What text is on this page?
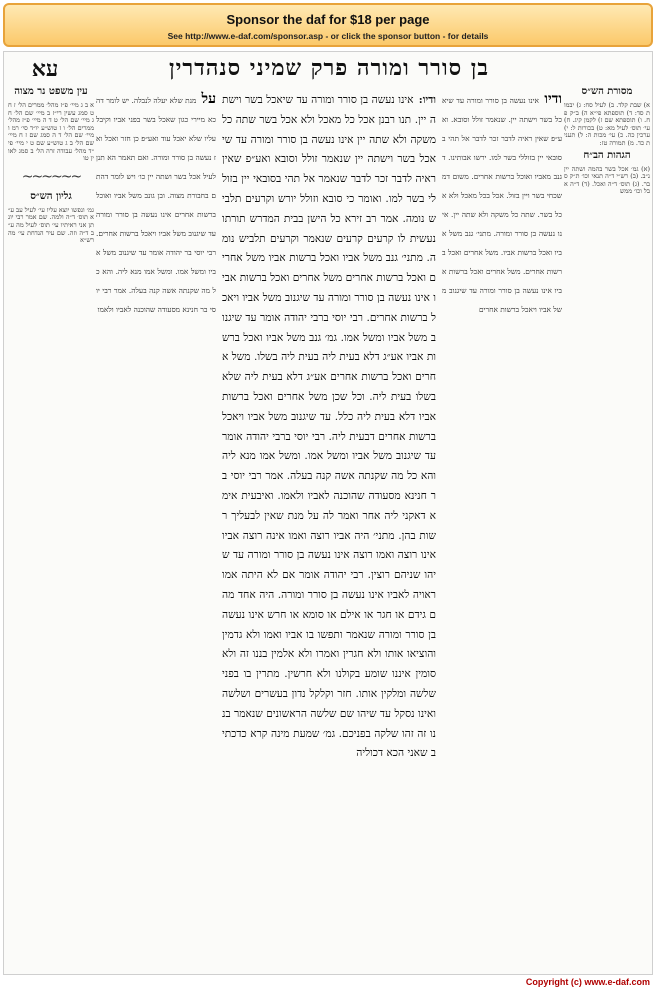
Sponsor the daf for $18 per page
See http://www.e-daf.com/sponsor.asp - or click the sponsor button - for details
עא	בן סורר ומורה פרק שמיני סנהדרין
עין משפט נר מצוה
א ב ג מיי׳ פ״ז מהל׳ ממרים הל׳ ז ח ט סמג עשין רי״ז ב מיי׳ שם הל׳ ח ג מיי׳ שם הל׳ ט ד ה מיי׳ פ״ז מהל׳ ממרים הל׳ ו ז טוש״ע יו״ד סי׳ רמ ו מיי׳ שם הל׳ ד ה סמג שם ז ח מיי׳ שם הל׳ ב ג טוש״ע שם ט י מיי׳ פי״ד מהל׳ עבודה זרה הל׳ ב סמג לאוין טו
~~~~~~
גליון הש״ס
גמ׳ ונפשו יוצא עליו עי׳ לעיל עב ע״א תוס׳ ד״ה ולמה. שם אמר רבי יונתן אני ראיתיו עי׳ תוס׳ לעיל מה ע״ב ד״ה וזה. שם עיר הנדחת עי׳ מהרש״א
על מנת שלא יעלה לנבלה. יש לומר דהכא מיירי כגון שאכל בשר בפני אביו וקיבל עליו שלא יאכל עוד ואע״פ כן חזר ואכל ואז נעשה בן סורר ומורה. ואם תאמר הא תנן לעיל אכל בשר ושתה יין כו׳ ויש לומר דהתם בחבורת מצוה. ובן גונב משל אביו ואוכל ברשות אחרים אינו נעשה בן סורר ומורה עד שיגנוב משל אביו ויאכל ברשות אחרים. רבי יוסי בר יהודה אומר עד שיגנוב משל אביו ומשל אמו. ומשל אמו מנא ליה. והא כל מה שקנתה אשה קנה בעלה. אמר רבי יוסי בר חנינא מסעודה שהוכנה לאביו ולאמו
ודיו: אינו נעשה בן סורר ומורה עד שיאכל בשר וישתה יין. תנו רבנן אכל כל מאכל ולא אכל בשר שתה כל משקה ולא שתה יין אינו נעשה בן סורר ומורה עד שיאכל בשר וישתה יין שנאמר זולל וסובא ואע״פ שאין ראיה לדבר זכר לדבר שנאמר אל תהי בסובאי יין בזוללי בשר למו. ואומר כי סובא וזולל יורש וקרעים תלביש נומה. אמר רב זירא כל הישן בבית המדרש תורתו נעשית לו קרעים קרעים שנאמר וקרעים תלביש נומה. מתני׳ גנב משל אביו ואכל ברשות אביו משל אחרים ואכל ברשות אחרים משל אחרים ואכל ברשות אביו אינו נעשה בן סורר ומורה עד שיגנוב משל אביו ויאכל ברשות אחרים. רבי יוסי ברבי יהודה אומר עד שיגנוב משל אביו ומשל אמו. גמ׳ גנב משל אביו ואכל ברשות אביו אע״ג דלא בעית ליה בעית ליה בשלו. משל אחרים ואכל ברשות אחרים אע״ג דלא בעית ליה שלא בשלו בעית ליה. וכל שכן משל אחרים ואכל ברשות אביו דלא בעית ליה כלל. עד שיגנוב משל אביו ויאכל ברשות אחרים דבעית ליה. רבי יוסי ברבי יהודה אומר עד שיגנוב משל אביו ומשל אמו. ומשל אמו מנא ליה והא כל מה שקנתה אשה קנה בעלה. אמר רבי יוסי בר חנינא מסעודה שהוכנה לאביו ולאמו. ואיבעית אימא דאקני ליה אחר ואמר לה על מנת שאין לבעליך רשות בהן. מתני׳ היה אביו רוצה ואמו אינה רוצה אביו אינו רוצה ואמו רוצה אינו נעשה בן סורר ומורה עד שיהו שניהם רוצין. רבי יהודה אומר אם לא היתה אמו ראויה לאביו אינו נעשה בן סורר ומורה. היה אחד מהם גידם או חגר או אילם או סומא או חרש אינו נעשה בן סורר ומורה שנאמר ותפשו בו אביו ואמו ולא גדמין והוציאו אותו ולא חגרין ואמרו ולא אלמין בננו זה ולא סומין איננו שומע בקולנו ולא חרשין. מתרין בו בפני שלשה ומלקין אותו. חזר וקלקל נדון בעשרים ושלשה ואינו נסקל עד שיהו שם שלשה הראשונים שנאמר בננו זה זהו שלקה בפניכם. גמ׳ שמעת מינה קרא כדכתיב שאני הכא דכוליה
ודיו אינו נעשה בן סורר ומורה עד שיאכל בשר וישתה יין. שנאמר זולל וסובא. ואע״פ שאין ראיה לדבר זכר לדבר אל תהי בסובאי יין בזוללי בשר למו. ירשו אבותינו. דגנב מאביו ואוכל ברשות אחרים. משום דמשכחי בשר ויין בזול. אכל בכל מאכל ולא אכל בשר. שתה כל משקה ולא שתה יין. אינו נעשה בן סורר ומורה. מתני׳ גנב משל אביו ואכל ברשות אביו. משל אחרים ואכל ברשות אחרים. משל אחרים ואכל ברשות אביו אינו נעשה בן סורר ומורה עד שיגנוב משל אביו ויאכל ברשות אחרים
מסורת הש״ס
א) שבת קלד. ב) לעיל סח: ג) יבמות סד: ד) תוספתא פי״א ה) ב״ק פח. ו) תוספתא שם ז) לקמן קיג. ח) עי׳ תוס׳ לעיל מא: ט) בכורות ל: י) ערכין כה. כ) עי׳ מכות ה: ל) תענית כד. מ) תמורה טז:
הגהות הב״ח
(א) גמ׳ אכל בשר בהמה ושתה יין נ״ב. (ב) רש״י ד״ה תנאי וכו׳ ת״ק סבר. (ג) תוס׳ ד״ה ואכל. (ד) ד״ה אבל וכו׳ ממש
Copyright (c) www.e-daf.com
